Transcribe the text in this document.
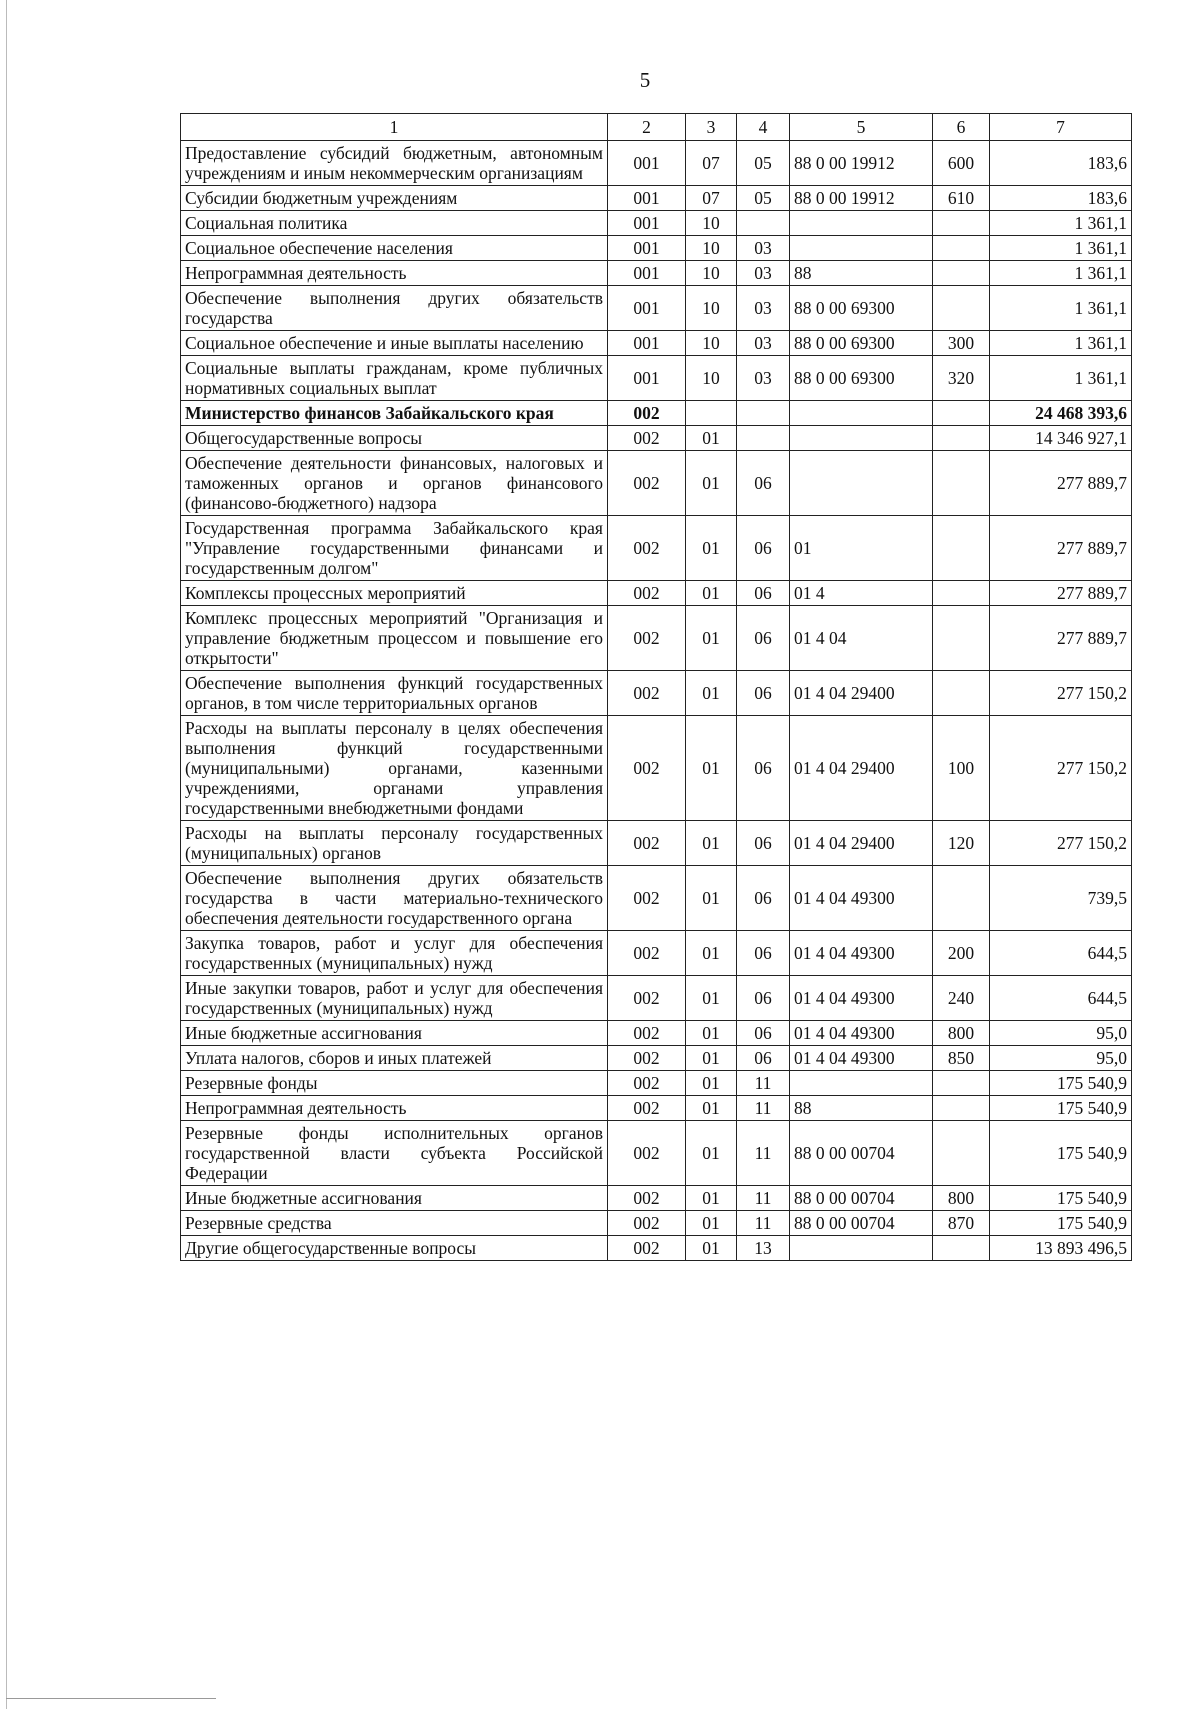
5
1	2	3	4	5	6	7
Предоставление субсидий бюджетным, автономным учреждениям и иным некоммерческим организациям	001	07	05	88 0 00 19912	600	183,6
Субсидии бюджетным учреждениям	001	07	05	88 0 00 19912	610	183,6
Социальная политика	001	10				1 361,1
Социальное обеспечение населения	001	10	03			1 361,1
Непрограммная деятельность	001	10	03	88		1 361,1
Обеспечение выполнения других обязательств государства	001	10	03	88 0 00 69300		1 361,1
Социальное обеспечение и иные выплаты населению	001	10	03	88 0 00 69300	300	1 361,1
Социальные выплаты гражданам, кроме публичных нормативных социальных выплат	001	10	03	88 0 00 69300	320	1 361,1
Министерство финансов Забайкальского края	002					24 468 393,6
Общегосударственные вопросы	002	01				14 346 927,1
Обеспечение деятельности финансовых, налоговых и таможенных органов и органов финансового (финансово-бюджетного) надзора	002	01	06			277 889,7
Государственная программа Забайкальского края "Управление государственными финансами и государственным долгом"	002	01	06	01		277 889,7
Комплексы процессных мероприятий	002	01	06	01 4		277 889,7
Комплекс процессных мероприятий "Организация и управление бюджетным процессом и повышение его открытости"	002	01	06	01 4 04		277 889,7
Обеспечение выполнения функций государственных органов, в том числе территориальных органов	002	01	06	01 4 04 29400		277 150,2
Расходы на выплаты персоналу в целях обеспечения выполнения функций государственными (муниципальными) органами, казенными учреждениями, органами управления государственными внебюджетными фондами	002	01	06	01 4 04 29400	100	277 150,2
Расходы на выплаты персоналу государственных (муниципальных) органов	002	01	06	01 4 04 29400	120	277 150,2
Обеспечение выполнения других обязательств государства в части материально-технического обеспечения деятельности государственного органа	002	01	06	01 4 04 49300		739,5
Закупка товаров, работ и услуг для обеспечения государственных (муниципальных) нужд	002	01	06	01 4 04 49300	200	644,5
Иные закупки товаров, работ и услуг для обеспечения государственных (муниципальных) нужд	002	01	06	01 4 04 49300	240	644,5
Иные бюджетные ассигнования	002	01	06	01 4 04 49300	800	95,0
Уплата налогов, сборов и иных платежей	002	01	06	01 4 04 49300	850	95,0
Резервные фонды	002	01	11			175 540,9
Непрограммная деятельность	002	01	11	88		175 540,9
Резервные фонды исполнительных органов государственной власти субъекта Российской Федерации	002	01	11	88 0 00 00704		175 540,9
Иные бюджетные ассигнования	002	01	11	88 0 00 00704	800	175 540,9
Резервные средства	002	01	11	88 0 00 00704	870	175 540,9
Другие общегосударственные вопросы	002	01	13			13 893 496,5
